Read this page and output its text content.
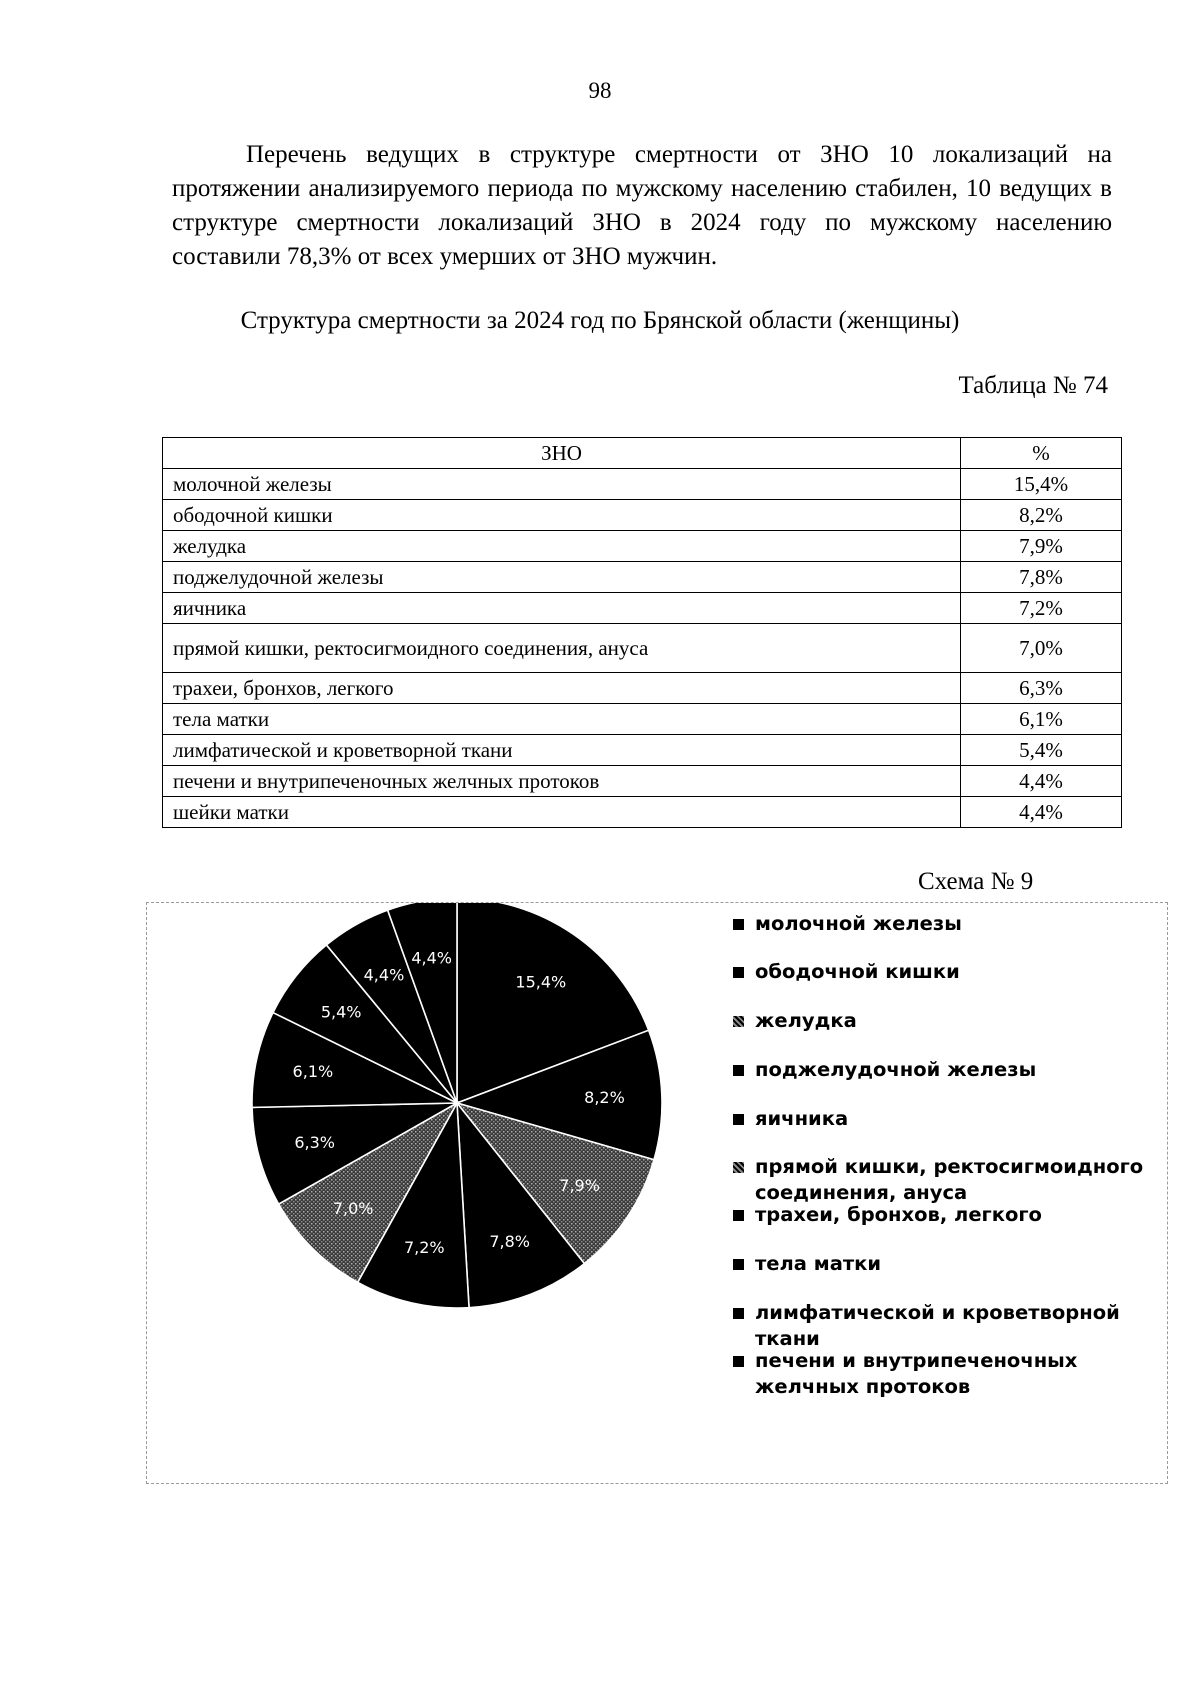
98

Перечень ведущих в структуре смертности от ЗНО 10 локализаций на протяжении анализируемого периода по мужскому населению стабилен, 10 ведущих в структуре смертности локализаций ЗНО в 2024 году по мужскому населению составили 78,3% от всех умерших от ЗНО мужчин.

Структура смертности за 2024 год по Брянской области (женщины)
Таблица № 74
ЗНО	%
молочной железы	15,4%
ободочной кишки	8,2%
желудка	7,9%
поджелудочной железы	7,8%
яичника	7,2%
прямой кишки, ректосигмоидного соединения, ануса	7,0%
трахеи, бронхов, легкого	6,3%
тела матки	6,1%
лимфатической и кроветворной ткани	5,4%
печени и внутрипеченочных желчных протоков	4,4%
шейки матки	4,4%
Схема № 9
15,4%
8,2%
7,9%
7,8%
7,2%
7,0%
6,3%
6,1%
5,4%
4,4%
4,4%
молочной железы
ободочной кишки
желудка
поджелудочной железы
яичника
прямой кишки, ректосигмоидного соединения, ануса
трахеи, бронхов, легкого
тела матки
лимфатической и кроветворной ткани
печени и внутрипеченочных желчных протоков
